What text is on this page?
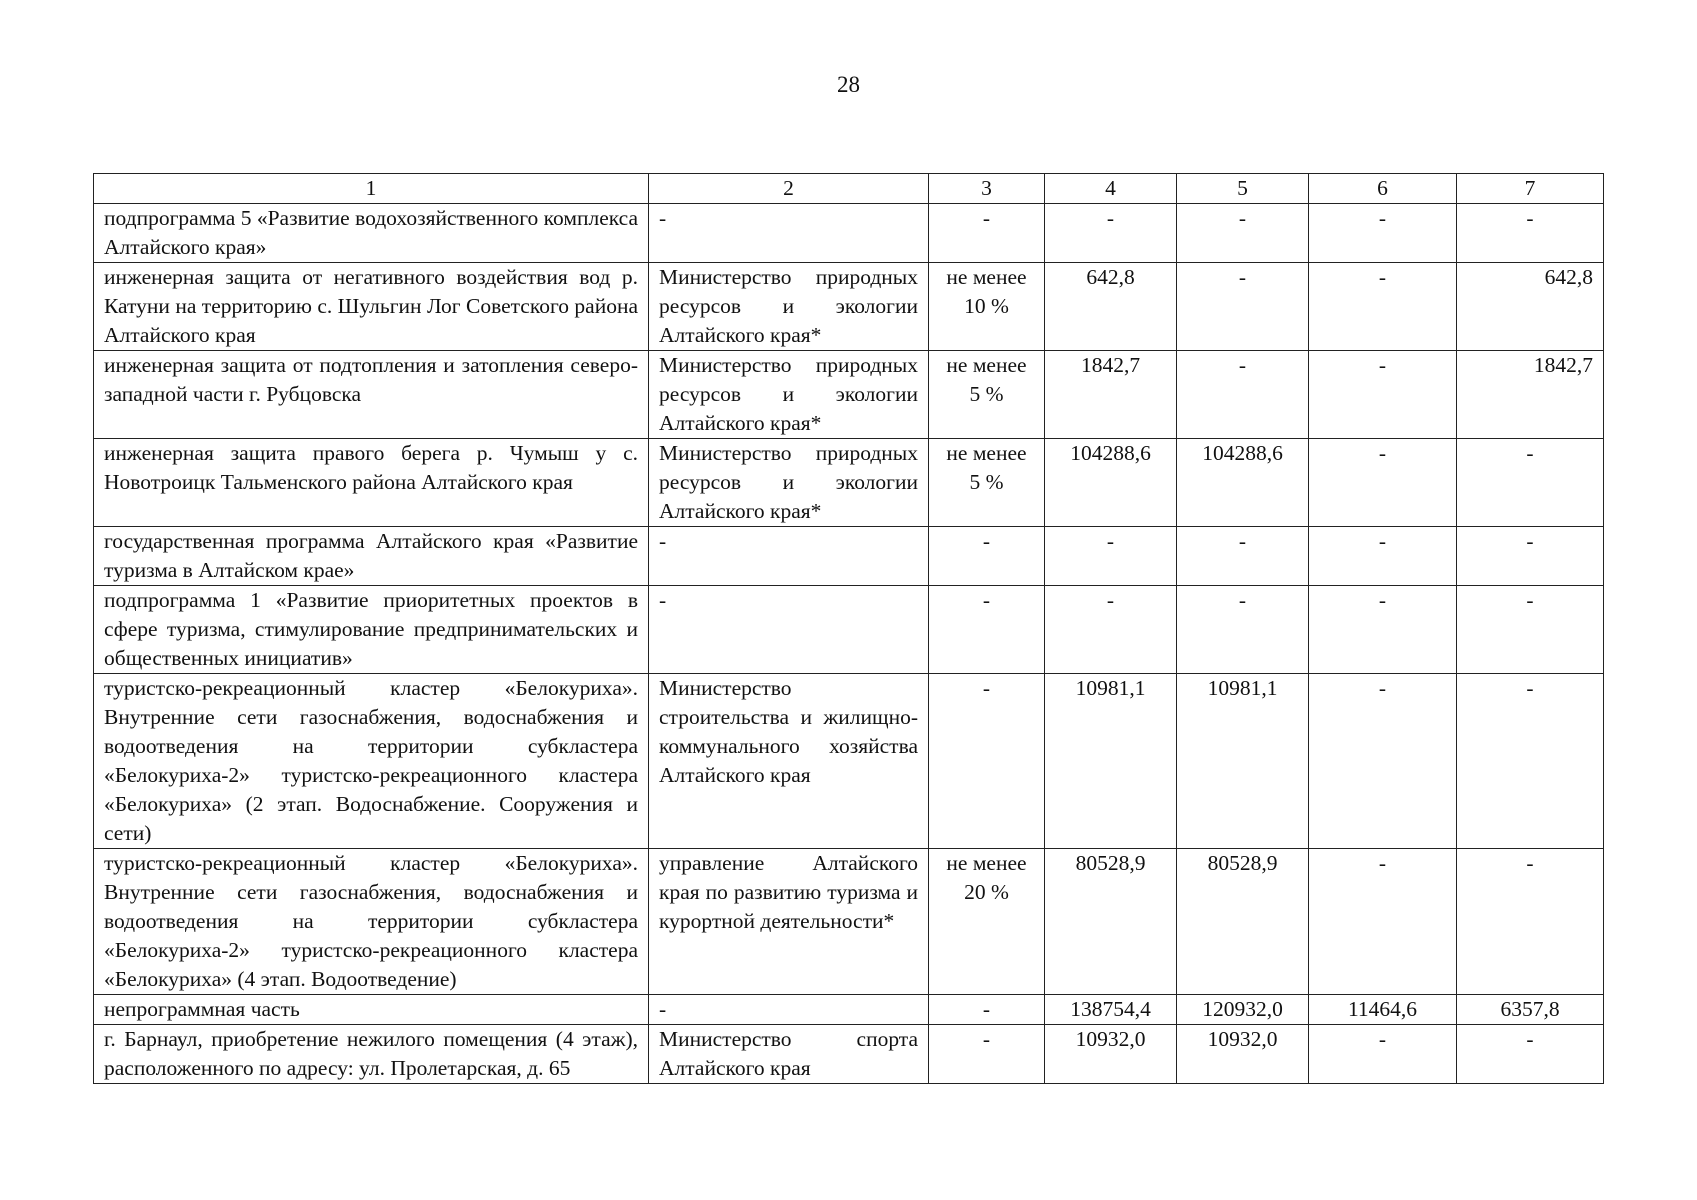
28
1	2	3	4	5	6	7
подпрограмма 5 «Развитие водохозяйственного комплекса Алтайского края»	-	-	-	-	-	-
инженерная защита от негативного воздействия вод р. Катуни на территорию с. Шульгин Лог Советского района Алтайского края	Министерство природных ресурсов и экологии Алтайского края*	не менее 10 %	642,8	-	-	642,8
инженерная защита от подтопления и затопления северо-западной части г. Рубцовска	Министерство природных ресурсов и экологии Алтайского края*	не менее 5 %	1842,7	-	-	1842,7
инженерная защита правого берега р. Чумыш у с. Новотроицк Тальменского района Алтайского края	Министерство природных ресурсов и экологии Алтайского края*	не менее 5 %	104288,6	104288,6	-	-
государственная программа Алтайского края «Развитие туризма в Алтайском крае»	-	-	-	-	-	-
подпрограмма 1 «Развитие приоритетных проектов в сфере туризма, стимулирование предпринимательских и общественных инициатив»	-	-	-	-	-	-
туристско-рекреационный кластер «Белокуриха». Внутренние сети газоснабжения, водоснабжения и водоотведения на территории субкластера «Белокуриха-2» туристско-рекреационного кластера «Белокуриха» (2 этап. Водоснабжение. Сооружения и сети)	Министерство строительства и жилищно-коммунального хозяйства Алтайского края	-	10981,1	10981,1	-	-
туристско-рекреационный кластер «Белокуриха». Внутренние сети газоснабжения, водоснабжения и водоотведения на территории субкластера «Белокуриха-2» туристско-рекреационного кластера «Белокуриха» (4 этап. Водоотведение)	управление Алтайского края по развитию туризма и курортной деятельности*	не менее 20 %	80528,9	80528,9	-	-
непрограммная часть	-	-	138754,4	120932,0	11464,6	6357,8
г. Барнаул, приобретение нежилого помещения (4 этаж), расположенного по адресу: ул. Пролетарская, д. 65	Министерство спорта Алтайского края	-	10932,0	10932,0	-	-
